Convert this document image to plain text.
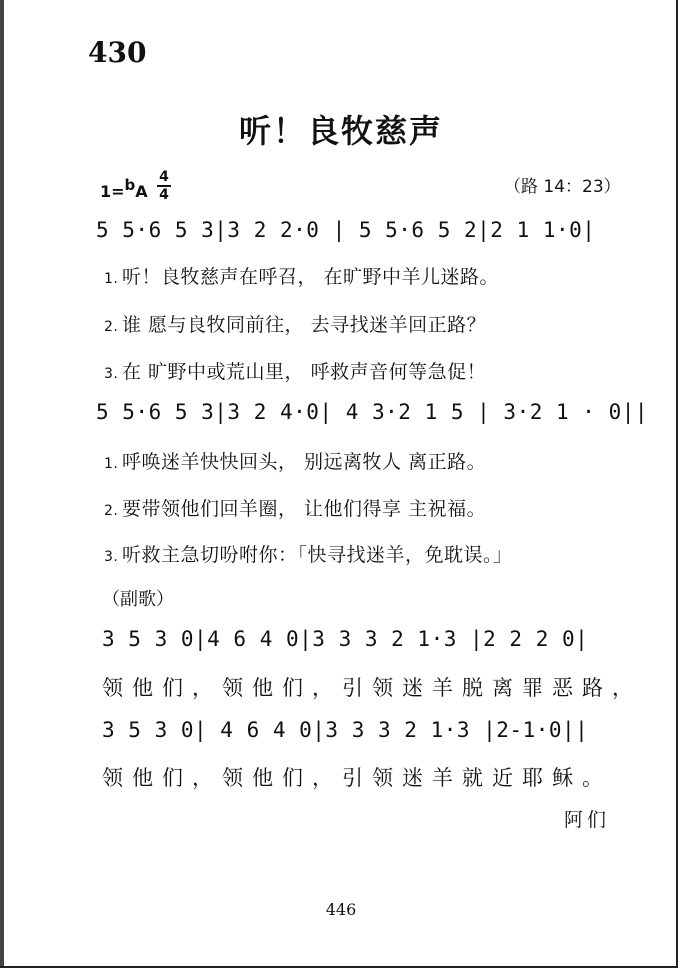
430
听！良牧慈声
1=bA
4
4	（路 14：23）
5 5·6 5 3|3 2 2·0 | 5 5·6 5 2|2 1 1·0|
1. 听！良牧慈声在呼召， 在旷野中羊儿迷路。
2. 谁 愿与良牧同前往， 去寻找迷羊回正路？
3. 在 旷野中或荒山里， 呼救声音何等急促！
5 5·6 5 3|3 2 4·0| 4 3·2 1 5 | 3·2 1 · 0||
1. 呼唤迷羊快快回头， 别远离牧人 离正路。
2. 要带领他们回羊圈， 让他们得享 主祝福。
3. 听救主急切吩咐你：「快寻找迷羊，免耽误。」
（副歌）
3 5 3 0|4 6 4 0|3 3 3 2 1·3 |2 2 2 0|
领他们，领他们，引领迷羊脱离罪恶路，
3 5 3 0| 4 6 4 0|3 3 3 2 1·3 |2-1·0||
领他们，领他们，引领迷羊就近耶稣。
阿们
446
